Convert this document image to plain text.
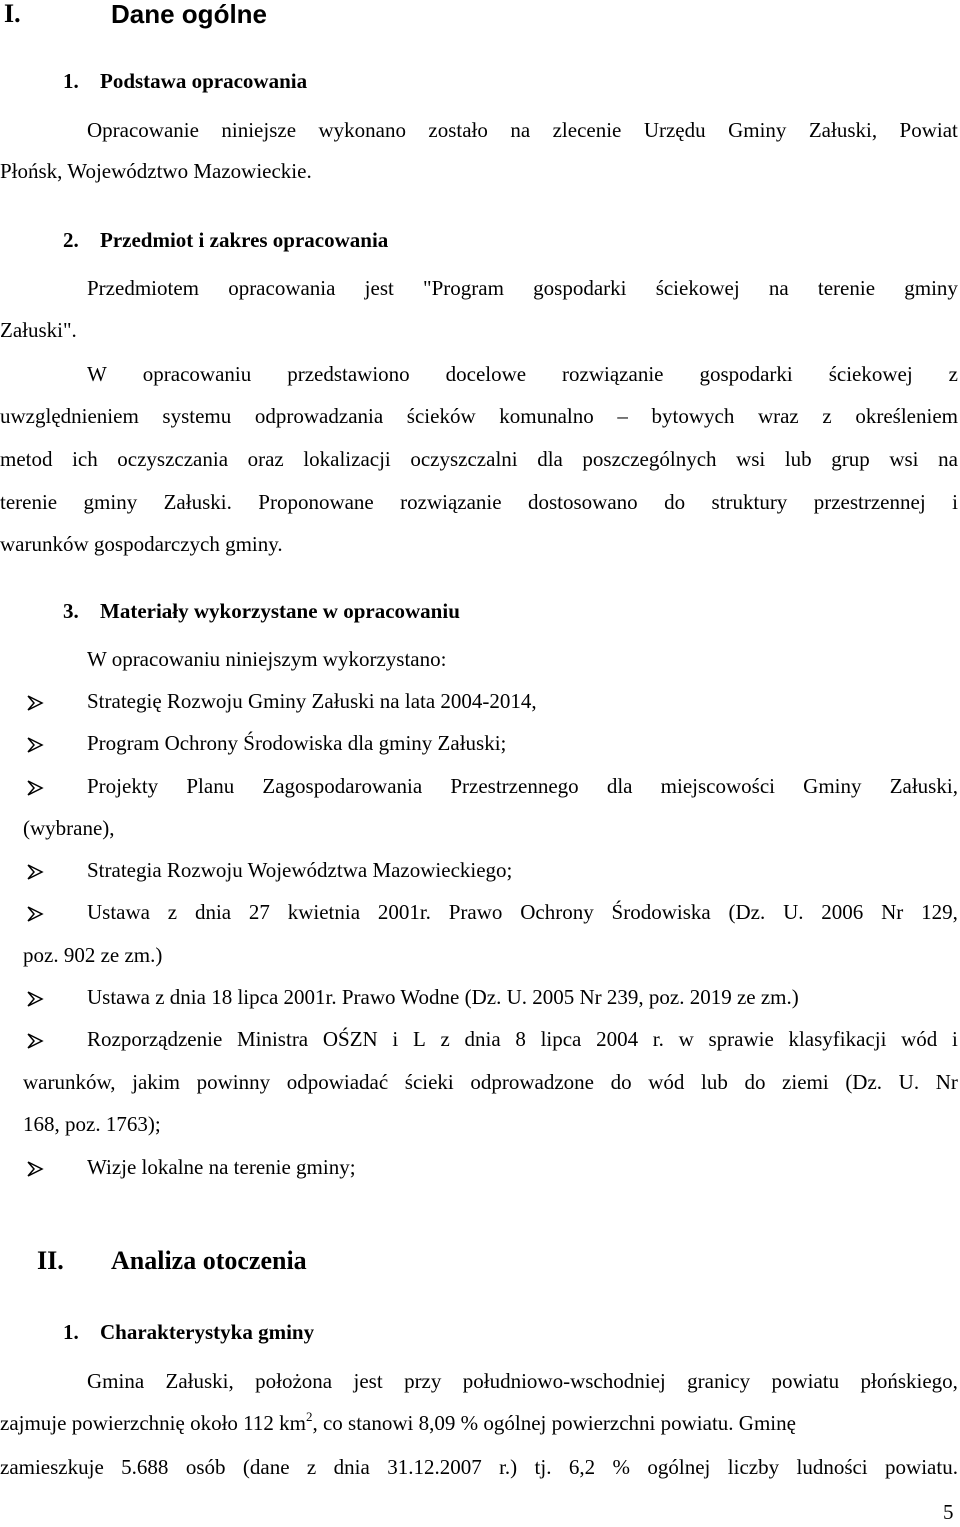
I.	Dane ogólne
1. Podstawa opracowania
Opracowanie niniejsze wykonano zostało na zlecenie Urzędu Gminy Załuski, Powiat
Płońsk, Województwo Mazowieckie.
2. Przedmiot i zakres opracowania
Przedmiotem opracowania jest "Program gospodarki ściekowej na terenie gminy
Załuski".
W opracowaniu przedstawiono docelowe rozwiązanie gospodarki ściekowej z
uwzględnieniem systemu odprowadzania ścieków komunalno – bytowych wraz z określeniem
metod ich oczyszczania oraz lokalizacji oczyszczalni dla poszczególnych wsi lub grup wsi na
terenie gminy Załuski. Proponowane rozwiązanie dostosowano do struktury przestrzennej i
warunków gospodarczych gminy.
3. Materiały wykorzystane w opracowaniu
W opracowaniu niniejszym wykorzystano:
Strategię Rozwoju Gminy Załuski na lata 2004-2014,
Program Ochrony Środowiska dla gminy Załuski;
Projekty Planu Zagospodarowania Przestrzennego dla miejscowości Gminy Załuski,
(wybrane),
Strategia Rozwoju Województwa Mazowieckiego;
Ustawa z dnia 27 kwietnia 2001r. Prawo Ochrony Środowiska (Dz. U. 2006 Nr 129,
poz. 902 ze zm.)
Ustawa z dnia 18 lipca 2001r. Prawo Wodne (Dz. U. 2005 Nr 239, poz. 2019 ze zm.)
Rozporządzenie Ministra OŚZN i L z dnia 8 lipca 2004 r. w sprawie klasyfikacji wód i
warunków, jakim powinny odpowiadać ścieki odprowadzone do wód lub do ziemi (Dz. U. Nr
168, poz. 1763);
Wizje lokalne na terenie gminy;
II. Analiza otoczenia
1. Charakterystyka gminy
Gmina Załuski, położona jest przy południowo-wschodniej granicy powiatu płońskiego,
zajmuje powierzchnię około 112 $km^2$, co stanowi 8,09 % ogólnej powierzchni powiatu. Gminę
zamieszkuje 5.688 osób (dane z dnia 31.12.2007 r.) tj. 6,2 % ogólnej liczby ludności powiatu.
5
